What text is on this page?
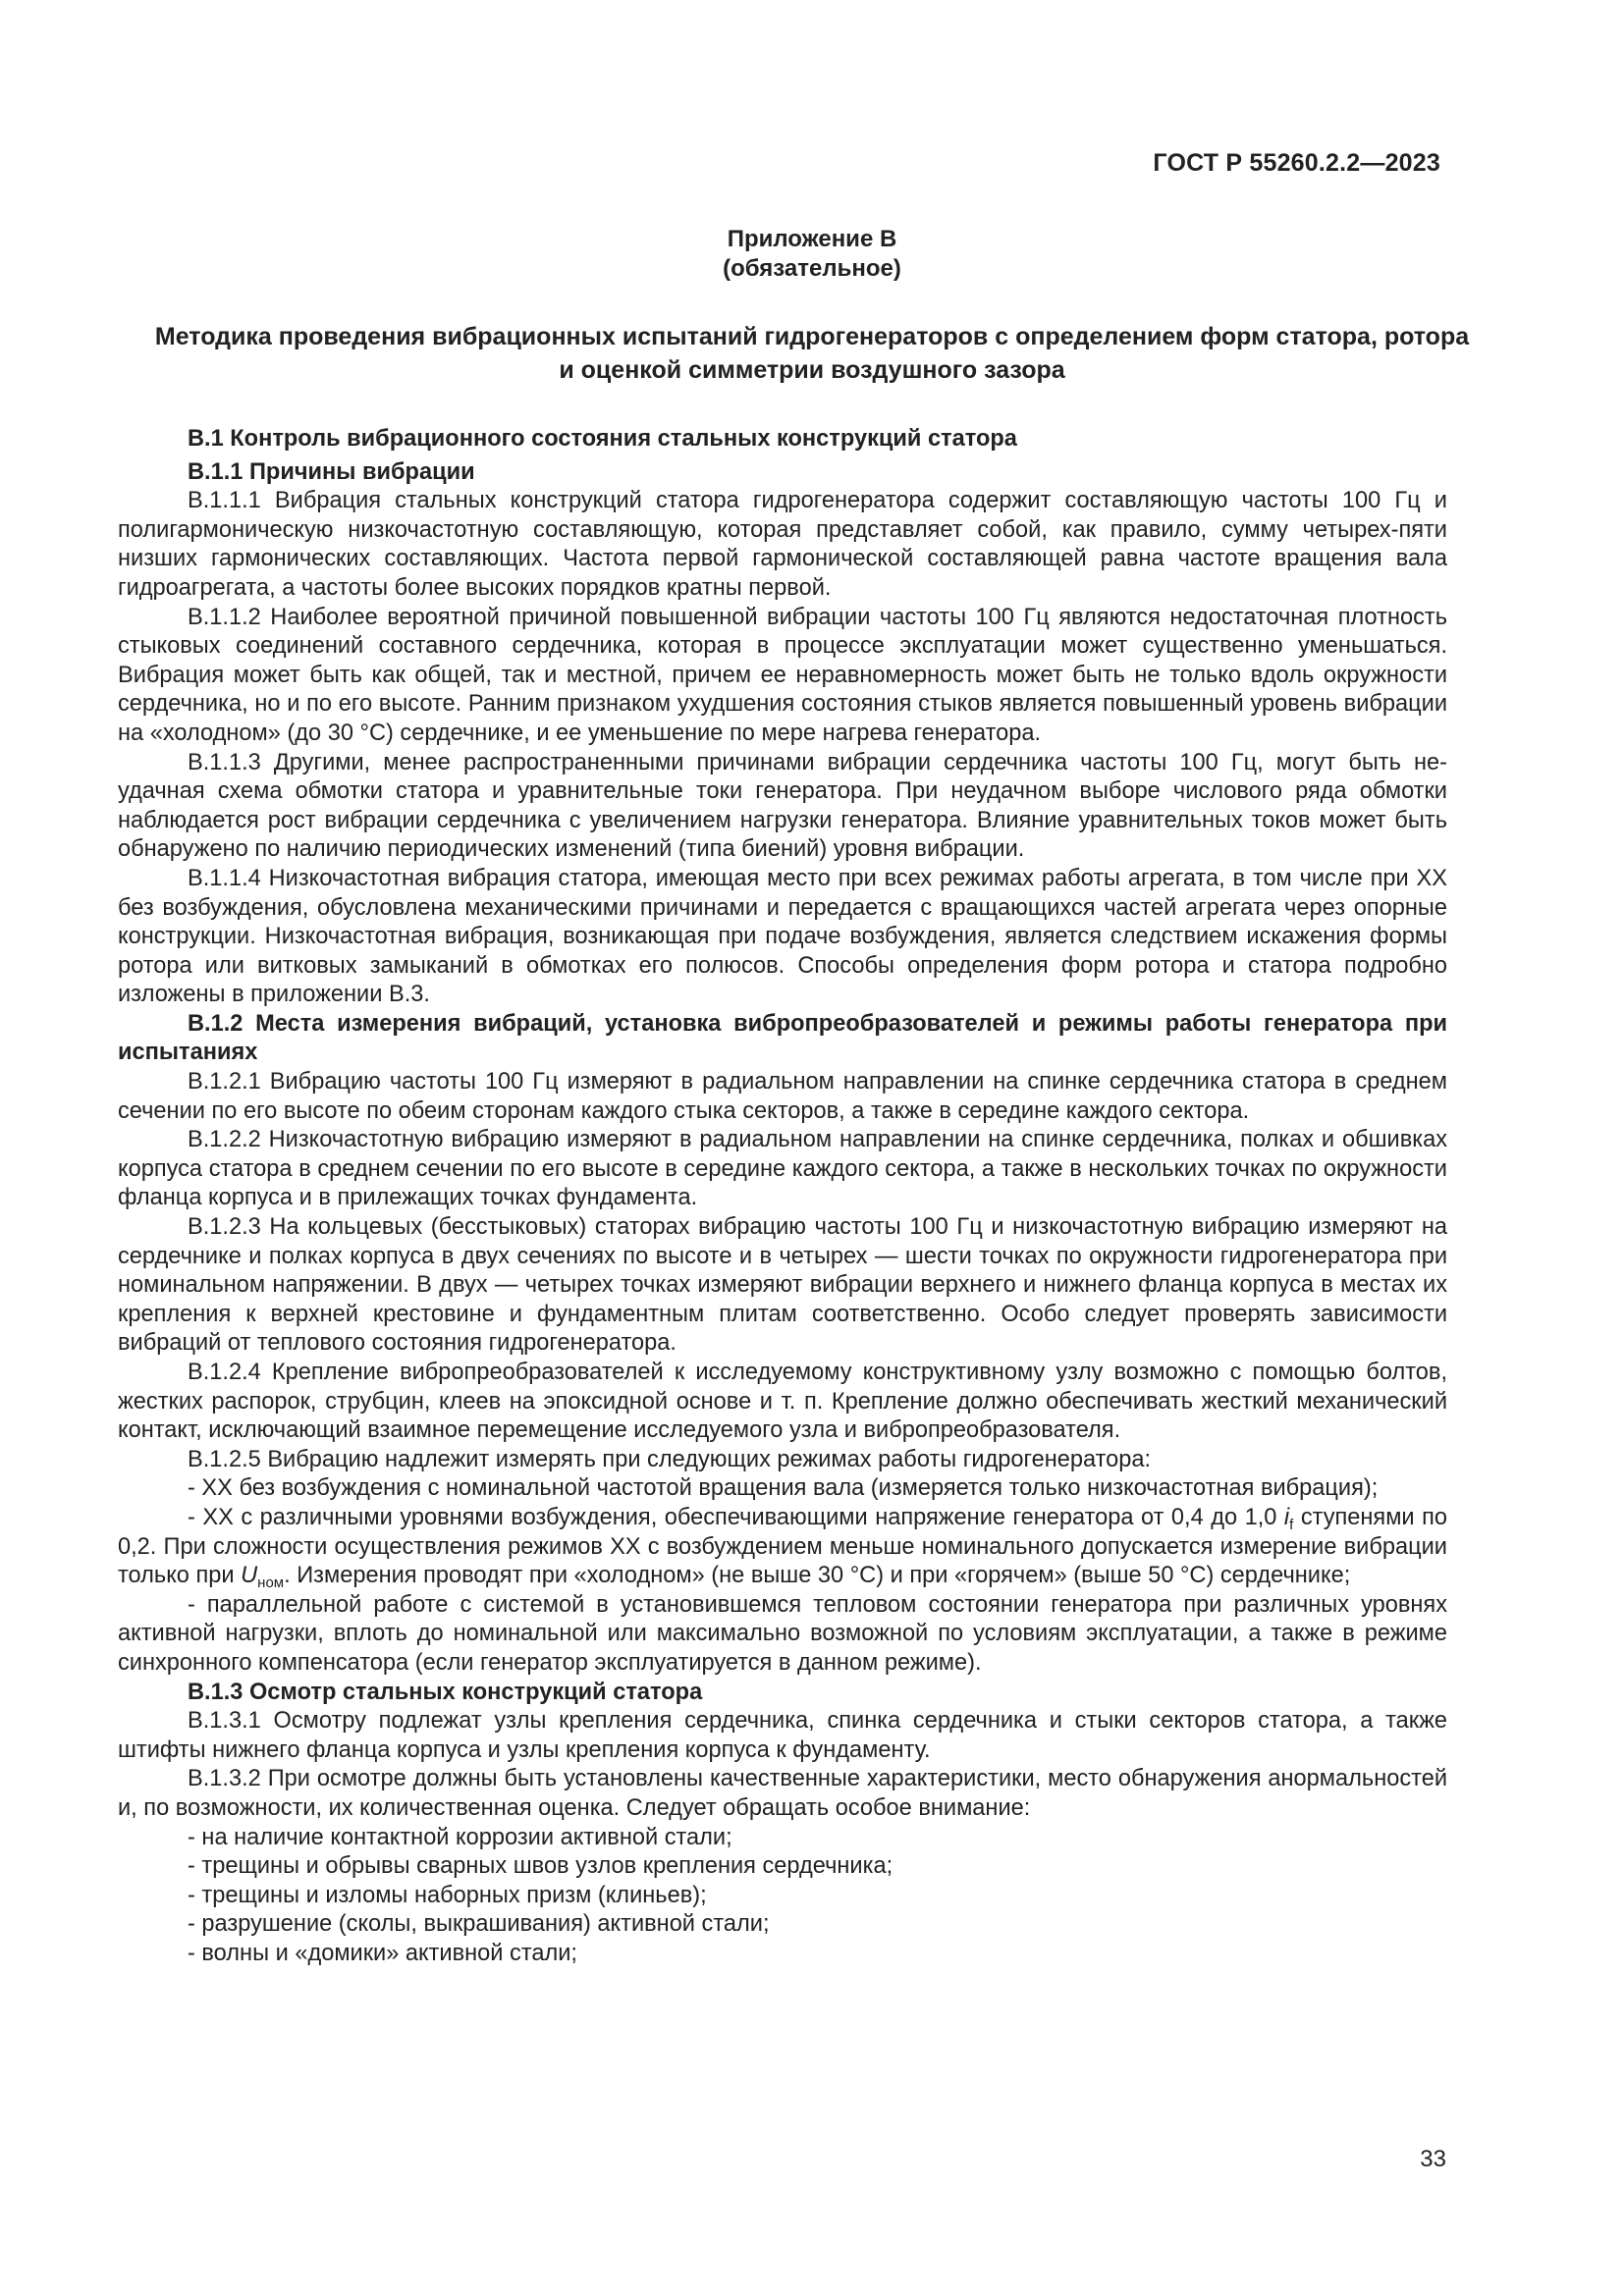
ГОСТ Р 55260.2.2—2023
Приложение В
(обязательное)
Методика проведения вибрационных испытаний гидрогенераторов с определением форм статора, ротора и оценкой симметрии воздушного зазора

В.1 Контроль вибрационного состояния стальных конструкций статора

В.1.1 Причины вибрации

В.1.1.1 Вибрация стальных конструкций статора гидрогенератора содержит составляющую частоты 100 Гц и полигармоническую низкочастотную составляющую, которая представляет собой, как правило, сумму четырех-пяти низших гармонических составляющих. Частота первой гармонической составляющей равна частоте вращения вала гидроагрегата, а частоты более высоких порядков кратны первой.

В.1.1.2 Наиболее вероятной причиной повышенной вибрации частоты 100 Гц являются недостаточная плотность стыковых соединений составного сердечника, которая в процессе эксплуатации может существенно уменьшаться. Вибрация может быть как общей, так и местной, причем ее неравномерность может быть не только вдоль окружности сердечника, но и по его высоте. Ранним признаком ухудшения состояния стыков является повышенный уровень вибрации на «холодном» (до 30 °С) сердечнике, и ее уменьшение по мере нагрева генератора.

В.1.1.3 Другими, менее распространенными причинами вибрации сердечника частоты 100 Гц, могут быть неудачная схема обмотки статора и уравнительные токи генератора. При неудачном выборе числового ряда обмотки наблюдается рост вибрации сердечника с увеличением нагрузки генератора. Влияние уравнительных токов может быть обнаружено по наличию периодических изменений (типа биений) уровня вибрации.

В.1.1.4 Низкочастотная вибрация статора, имеющая место при всех режимах работы агрегата, в том числе при ХХ без возбуждения, обусловлена механическими причинами и передается с вращающихся частей агрегата через опорные конструкции. Низкочастотная вибрация, возникающая при подаче возбуждения, является следствием искажения формы ротора или витковых замыканий в обмотках его полюсов. Способы определения форм ротора и статора подробно изложены в приложении В.3.

В.1.2 Места измерения вибраций, установка вибропреобразователей и режимы работы генератора при испытаниях

В.1.2.1 Вибрацию частоты 100 Гц измеряют в радиальном направлении на спинке сердечника статора в среднем сечении по его высоте по обеим сторонам каждого стыка секторов, а также в середине каждого сектора.

В.1.2.2 Низкочастотную вибрацию измеряют в радиальном направлении на спинке сердечника, полках и обшивках корпуса статора в среднем сечении по его высоте в середине каждого сектора, а также в нескольких точках по окружности фланца корпуса и в прилежащих точках фундамента.

В.1.2.3 На кольцевых (бесстыковых) статорах вибрацию частоты 100 Гц и низкочастотную вибрацию измеряют на сердечнике и полках корпуса в двух сечениях по высоте и в четырех — шести точках по окружности гидрогенератора при номинальном напряжении. В двух — четырех точках измеряют вибрации верхнего и нижнего фланца корпуса в местах их крепления к верхней крестовине и фундаментным плитам соответственно. Особо следует проверять зависимости вибраций от теплового состояния гидрогенератора.

В.1.2.4 Крепление вибропреобразователей к исследуемому конструктивному узлу возможно с помощью болтов, жестких распорок, струбцин, клеев на эпоксидной основе и т. п. Крепление должно обеспечивать жесткий механический контакт, исключающий взаимное перемещение исследуемого узла и вибропреобразователя.

В.1.2.5 Вибрацию надлежит измерять при следующих режимах работы гидрогенератора:

- ХХ без возбуждения с номинальной частотой вращения вала (измеряется только низкочастотная вибрация);

- ХХ с различными уровнями возбуждения, обеспечивающими напряжение генератора от 0,4 до 1,0 $i_f$ ступенями по 0,2. При сложности осуществления режимов ХХ с возбуждением меньше номинального допускается измерение вибрации только при $U_{ном}$. Измерения проводят при «холодном» (не выше 30 °С) и при «горячем» (выше 50 °С) сердечнике;

- параллельной работе с системой в установившемся тепловом состоянии генератора при различных уровнях активной нагрузки, вплоть до номинальной или максимально возможной по условиям эксплуатации, а также в режиме синхронного компенсатора (если генератор эксплуатируется в данном режиме).

В.1.3 Осмотр стальных конструкций статора

В.1.3.1 Осмотру подлежат узлы крепления сердечника, спинка сердечника и стыки секторов статора, а также штифты нижнего фланца корпуса и узлы крепления корпуса к фундаменту.

В.1.3.2 При осмотре должны быть установлены качественные характеристики, место обнаружения анормальностей и, по возможности, их количественная оценка. Следует обращать особое внимание:

- на наличие контактной коррозии активной стали;

- трещины и обрывы сварных швов узлов крепления сердечника;

- трещины и изломы наборных призм (клиньев);

- разрушение (сколы, выкрашивания) активной стали;

- волны и «домики» активной стали;

33
